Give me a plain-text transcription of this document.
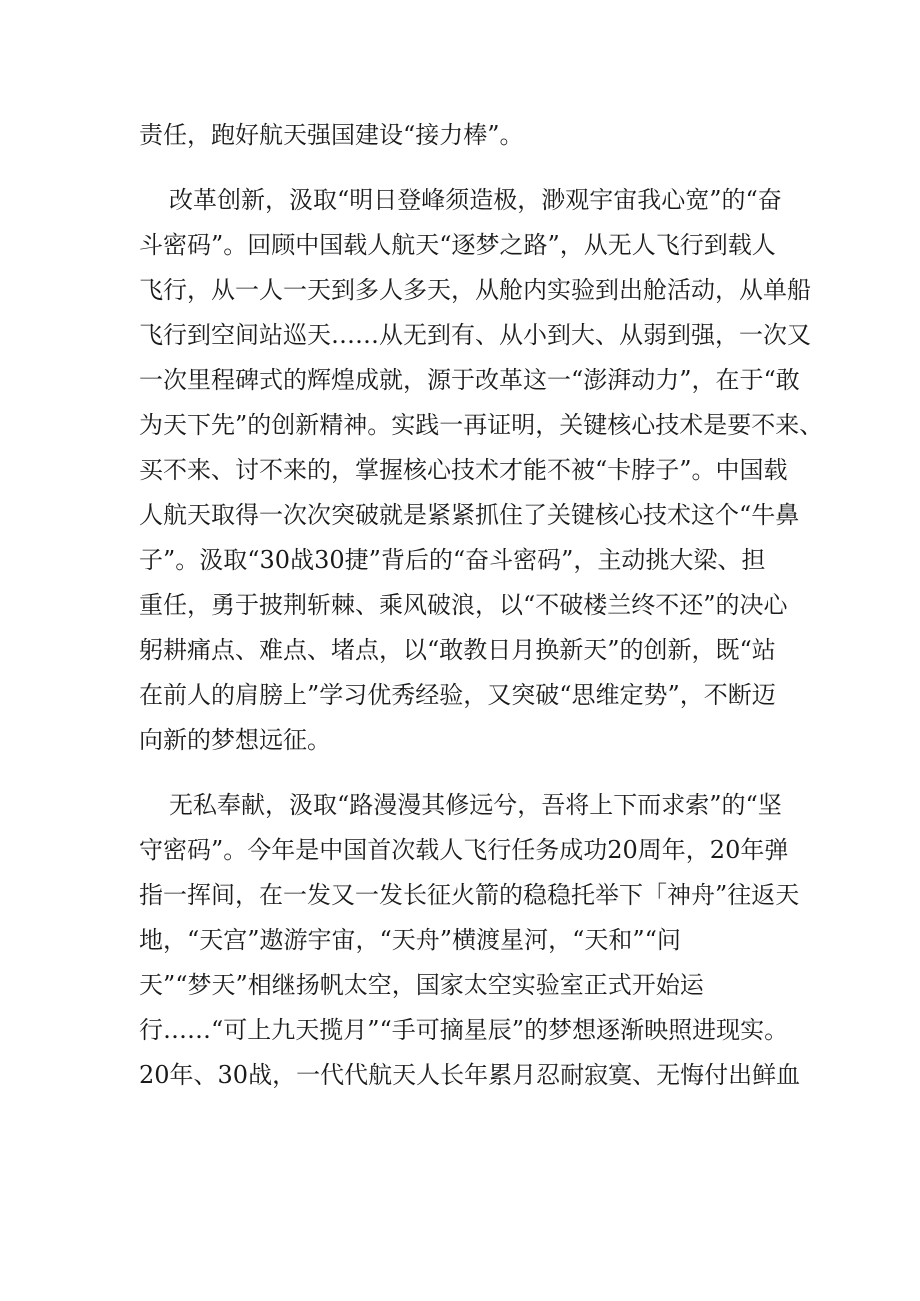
责任，跑好航天强国建设“接力棒”。
改革创新，汲取“明日登峰须造极，渺观宇宙我心宽”的“奋
斗密码”。回顾中国载人航天“逐梦之路”，从无人飞行到载人
飞行，从一人一天到多人多天，从舱内实验到出舱活动，从单船
飞行到空间站巡天……从无到有、从小到大、从弱到强，一次又
一次里程碑式的辉煌成就，源于改革这一“澎湃动力”，在于“敢
为天下先”的创新精神。实践一再证明，关键核心技术是要不来、
买不来、讨不来的，掌握核心技术才能不被“卡脖子”。中国载
人航天取得一次次突破就是紧紧抓住了关键核心技术这个“牛鼻
子”。汲取“30战30捷”背后的“奋斗密码”，主动挑大梁、担
重任，勇于披荆斩棘、乘风破浪，以“不破楼兰终不还”的决心
躬耕痛点、难点、堵点，以“敢教日月换新天”的创新，既“站
在前人的肩膀上”学习优秀经验，又突破“思维定势”，不断迈
向新的梦想远征。
无私奉献，汲取“路漫漫其修远兮，吾将上下而求索”的“坚
守密码”。今年是中国首次载人飞行任务成功20周年，20年弹
指一挥间，在一发又一发长征火箭的稳稳托举下「神舟”往返天
地，“天宫”遨游宇宙，“天舟”横渡星河，“天和”“问
天”“梦天”相继扬帆太空，国家太空实验室正式开始运
行……“可上九天揽月”“手可摘星辰”的梦想逐渐映照进现实。
20年、30战，一代代航天人长年累月忍耐寂寞、无悔付出鲜血
